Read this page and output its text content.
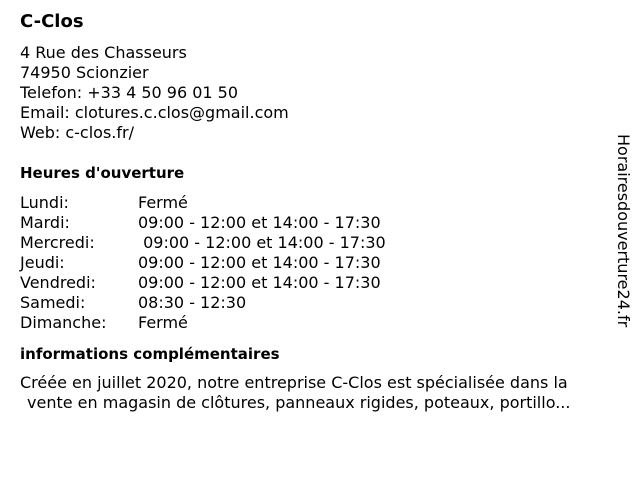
C-Clos
4 Rue des Chasseurs
74950 Scionzier
Telefon: +33 4 50 96 01 50
Email: clotures.c.clos@gmail.com
Web: c-clos.fr/
Heures d'ouverture
Lundi:	Fermé
Mardi:	09:00 - 12:00 et 14:00 - 17:30
Mercredi:	09:00 - 12:00 et 14:00 - 17:30
Jeudi:	09:00 - 12:00 et 14:00 - 17:30
Vendredi:	09:00 - 12:00 et 14:00 - 17:30
Samedi:	08:30 - 12:30
Dimanche: Fermé
informations complémentaires
Créée en juillet 2020, notre entreprise C-Clos est spécialisée dans la
vente en magasin de clôtures, panneaux rigides, poteaux, portillo...
Horairesdouverture24.fr
